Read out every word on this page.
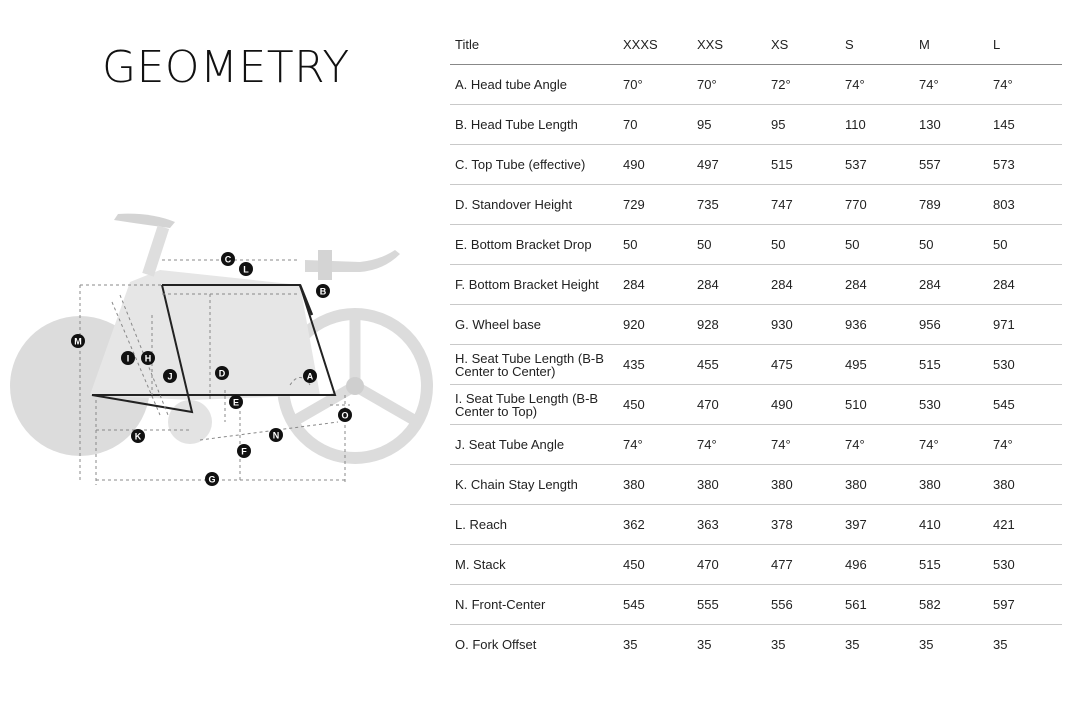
GEOMETRY
A
B
C
D
E
F
G
H
I
J
K
L
M
N
O
Title	XXXS	XXS	XS	S	M	L
A. Head tube Angle	70°	70°	72°	74°	74°	74°
B. Head Tube Length	70	95	95	110	130	145
C. Top Tube (effective)	490	497	515	537	557	573
D. Standover Height	729	735	747	770	789	803
E. Bottom Bracket Drop	50	50	50	50	50	50
F. Bottom Bracket Height	284	284	284	284	284	284
G. Wheel base	920	928	930	936	956	971
H. Seat Tube Length (B-B Center to Center)	435	455	475	495	515	530
I. Seat Tube Length (B-B Center to Top)	450	470	490	510	530	545
J. Seat Tube Angle	74°	74°	74°	74°	74°	74°
K. Chain Stay Length	380	380	380	380	380	380
L. Reach	362	363	378	397	410	421
M. Stack	450	470	477	496	515	530
N. Front-Center	545	555	556	561	582	597
O. Fork Offset	35	35	35	35	35	35
